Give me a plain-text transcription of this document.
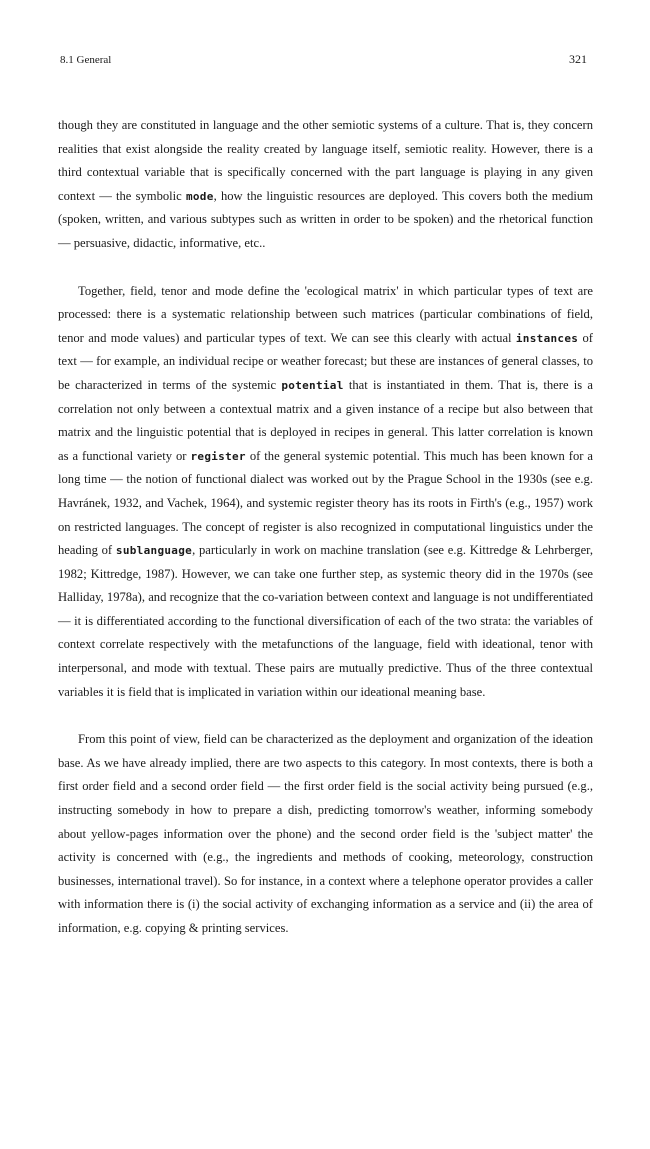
8.1 General	321

though they are constituted in language and the other semiotic systems of a culture. That is, they concern realities that exist alongside the reality created by language itself, semiotic reality. However, there is a third contextual variable that is specifically concerned with the part language is playing in any given context — the symbolic mode, how the linguistic resources are deployed. This covers both the medium (spoken, written, and various subtypes such as written in order to be spoken) and the rhetorical function — persuasive, didactic, informative, etc..

Together, field, tenor and mode define the 'ecological matrix' in which particular types of text are processed: there is a systematic relationship between such matrices (particular combinations of field, tenor and mode values) and particular types of text. We can see this clearly with actual instances of text — for example, an individual recipe or weather forecast; but these are instances of general classes, to be characterized in terms of the systemic potential that is instantiated in them. That is, there is a correlation not only between a contextual matrix and a given instance of a recipe but also between that matrix and the linguistic potential that is deployed in recipes in general. This latter correlation is known as a functional variety or register of the general systemic potential. This much has been known for a long time — the notion of functional dialect was worked out by the Prague School in the 1930s (see e.g. Havránek, 1932, and Vachek, 1964), and systemic register theory has its roots in Firth's (e.g., 1957) work on restricted languages. The concept of register is also recognized in computational linguistics under the heading of sublanguage, particularly in work on machine translation (see e.g. Kittredge & Lehrberger, 1982; Kittredge, 1987). However, we can take one further step, as systemic theory did in the 1970s (see Halliday, 1978a), and recognize that the co-variation between context and language is not undifferentiated — it is differentiated according to the functional diversification of each of the two strata: the variables of context correlate respectively with the metafunctions of the language, field with ideational, tenor with interpersonal, and mode with textual. These pairs are mutually predictive. Thus of the three contextual variables it is field that is implicated in variation within our ideational meaning base.

From this point of view, field can be characterized as the deployment and organization of the ideation base. As we have already implied, there are two aspects to this category. In most contexts, there is both a first order field and a second order field — the first order field is the social activity being pursued (e.g., instructing somebody in how to prepare a dish, predicting tomorrow's weather, informing somebody about yellow-pages information over the phone) and the second order field is the 'subject matter' the activity is concerned with (e.g., the ingredients and methods of cooking, meteorology, construction businesses, international travel). So for instance, in a context where a telephone operator provides a caller with information there is (i) the social activity of exchanging information as a service and (ii) the area of information, e.g. copying & printing services.
